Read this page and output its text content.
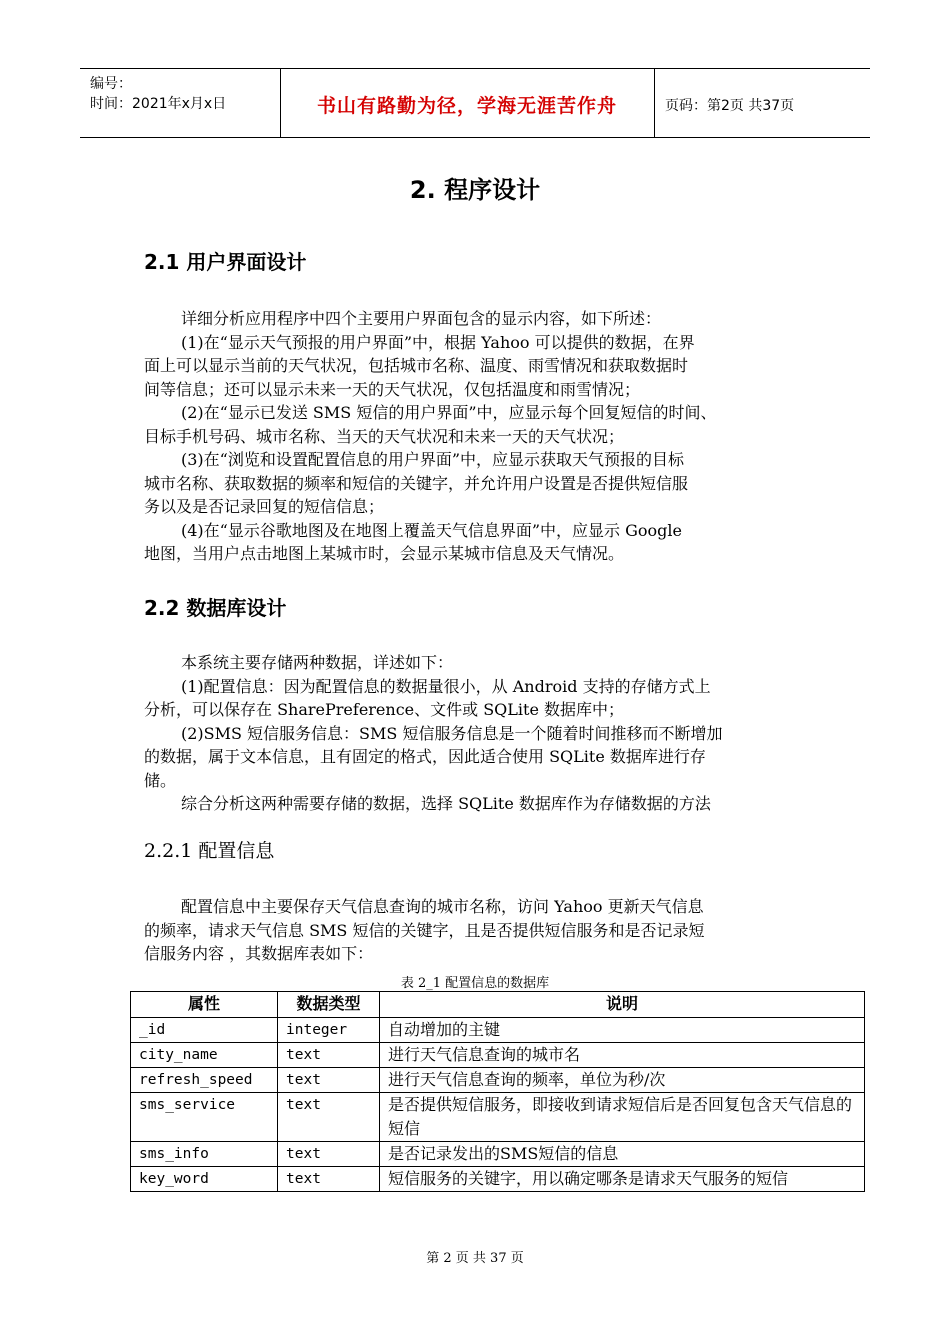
编号：
时间：2021年x月x日	书山有路勤为径，学海无涯苦作舟	页码：第2页 共37页
2. 程序设计
2.1 用户界面设计
详细分析应用程序中四个主要用户界面包含的显示内容，如下所述：
(1)在“显示天气预报的用户界面”中，根据 Yahoo 可以提供的数据，在界
面上可以显示当前的天气状况，包括城市名称、温度、雨雪情况和获取数据时
间等信息；还可以显示未来一天的天气状况，仅包括温度和雨雪情况；
(2)在“显示已发送 SMS 短信的用户界面”中，应显示每个回复短信的时间、
目标手机号码、城市名称、当天的天气状况和未来一天的天气状况；
(3)在“浏览和设置配置信息的用户界面”中，应显示获取天气预报的目标
城市名称、获取数据的频率和短信的关键字，并允许用户设置是否提供短信服
务以及是否记录回复的短信信息；
(4)在“显示谷歌地图及在地图上覆盖天气信息界面”中，应显示 Google
地图，当用户点击地图上某城市时，会显示某城市信息及天气情况。
2.2 数据库设计
本系统主要存储两种数据，详述如下：
(1)配置信息：因为配置信息的数据量很小，从 Android 支持的存储方式上
分析，可以保存在 SharePreference、文件或 SQLite 数据库中；
(2)SMS 短信服务信息：SMS 短信服务信息是一个随着时间推移而不断增加
的数据，属于文本信息，且有固定的格式，因此适合使用 SQLite 数据库进行存
储。
综合分析这两种需要存储的数据，选择 SQLite 数据库作为存储数据的方法
2.2.1 配置信息
配置信息中主要保存天气信息查询的城市名称，访问 Yahoo 更新天气信息
的频率，请求天气信息 SMS 短信的关键字，且是否提供短信服务和是否记录短
信服务内容 ，其数据库表如下：
表 2_1 配置信息的数据库
属性	数据类型	说明
_id	integer	自动增加的主键
city_name	text	进行天气信息查询的城市名
refresh_speed	text	进行天气信息查询的频率，单位为秒/次
sms_service	text	是否提供短信服务，即接收到请求短信后是否回复包含天气信息的短信
sms_info	text	是否记录发出的SMS短信的信息
key_word	text	短信服务的关键字，用以确定哪条是请求天气服务的短信
第 2 页 共 37 页
